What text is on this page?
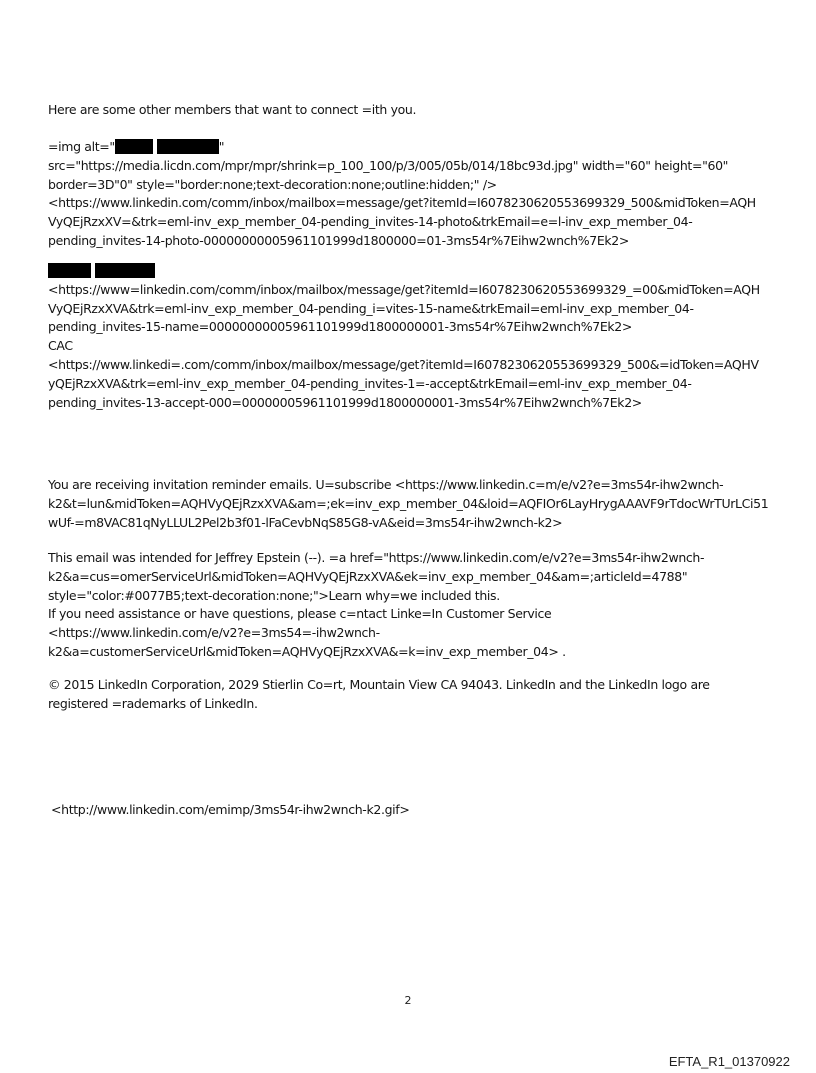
Here are some other members that want to connect =ith you.
=img alt="	"
src="https://media.licdn.com/mpr/mpr/shrink=p_100_100/p/3/005/05b/014/18bc93d.jpg" width="60" height="60"
border=3D"0" style="border:none;text-decoration:none;outline:hidden;" />
<https://www.linkedin.com/comm/inbox/mailbox=message/get?itemId=I6078230620553699329_500&midToken=AQH
VyQEjRzxXV=&trk=eml-inv_exp_member_04-pending_invites-14-photo&trkEmail=e=l-inv_exp_member_04-
pending_invites-14-photo-00000000005961101999d1800000=01-3ms54r%7Eihw2wnch%7Ek2>
<https://www=linkedin.com/comm/inbox/mailbox/message/get?itemId=I6078230620553699329_=00&midToken=AQH
VyQEjRzxXVA&trk=eml-inv_exp_member_04-pending_i=vites-15-name&trkEmail=eml-inv_exp_member_04-
pending_invites-15-name=00000000005961101999d1800000001-3ms54r%7Eihw2wnch%7Ek2>
CAC
<https://www.linkedi=.com/comm/inbox/mailbox/message/get?itemId=I6078230620553699329_500&=idToken=AQHV
yQEjRzxXVA&trk=eml-inv_exp_member_04-pending_invites-1=-accept&trkEmail=eml-inv_exp_member_04-
pending_invites-13-accept-000=00000005961101999d1800000001-3ms54r%7Eihw2wnch%7Ek2>
You are receiving invitation reminder emails. U=subscribe <https://www.linkedin.c=m/e/v2?e=3ms54r-ihw2wnch-
k2&t=lun&midToken=AQHVyQEjRzxXVA&am=;ek=inv_exp_member_04&loid=AQFIOr6LayHrygAAAVF9rTdocWrTUrLCi51
wUf-=m8VAC81qNyLLUL2Pel2b3f01-lFaCevbNqS85G8-vA&eid=3ms54r-ihw2wnch-k2>
This email was intended for Jeffrey Epstein (--). =a href="https://www.linkedin.com/e/v2?e=3ms54r-ihw2wnch-
k2&a=cus=omerServiceUrl&midToken=AQHVyQEjRzxXVA&ek=inv_exp_member_04&am=;articleId=4788"
style="color:#0077B5;text-decoration:none;">Learn why=we included this.
If you need assistance or have questions, please c=ntact Linke=In Customer Service
<https://www.linkedin.com/e/v2?e=3ms54=-ihw2wnch-
k2&a=customerServiceUrl&midToken=AQHVyQEjRzxXVA&=k=inv_exp_member_04> .
© 2015 LinkedIn Corporation, 2029 Stierlin Co=rt, Mountain View CA 94043. LinkedIn and the LinkedIn logo are
registered =rademarks of LinkedIn.
<http://www.linkedin.com/emimp/3ms54r-ihw2wnch-k2.gif>
2
EFTA_R1_01370922
